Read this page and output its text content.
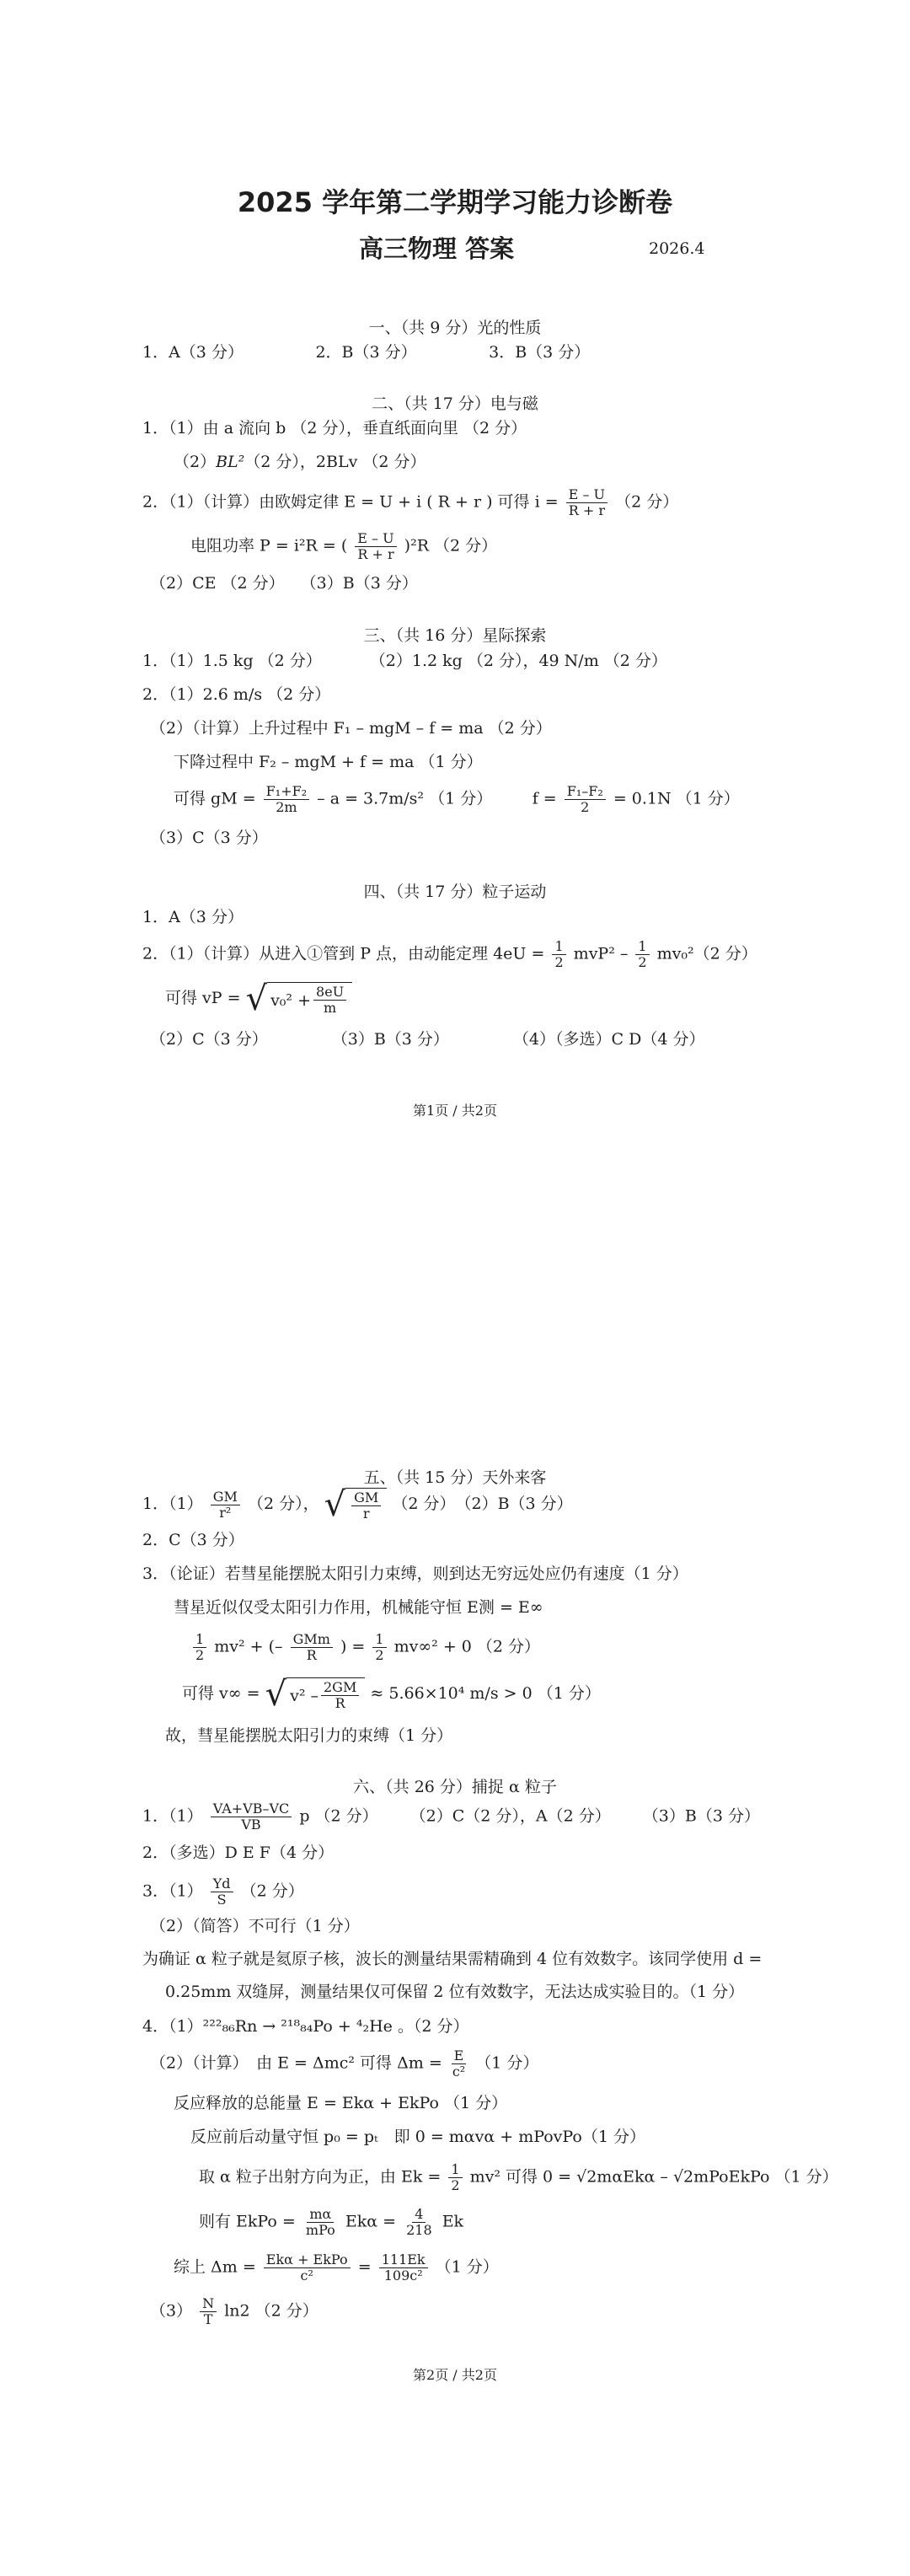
2025 学年第二学期学习能力诊断卷
高三物理 答案	2026.4
一、（共 9 分）光的性质
1．A（3 分）　　　　　2．B（3 分）　　　　　3．B（3 分）
二、（共 17 分）电与磁
1．（1）由 a 流向 b （2 分），垂直纸面向里 （2 分）
（2）BL²（2 分），2BLv （2 分）
2．（1）（计算）由欧姆定律 E = U + i ( R + r ) 可得 $i = \frac{E - U}{R + r} (2$ 分）
电阻功率 P = i²R = ( $\frac{E - U}{R + r} )^2R$ （2 分）
（2）CE （2 分）　　（3）B（3 分）
三、（共 16 分）星际探索
1．（1）1.5 kg （2 分）　　　　（2）1.2 kg （2 分），49 N/m （2 分）
2．（1）2.6 m/s （2 分）
（2）（计算）上升过程中 F₁ – mgM – f = ma （2 分）
下降过程中 F₂ – mgM + f = ma （1 分）
可得 gM = $\frac{\text{F₁+F₂}}{2m} - a = 3.7m/s^2$ （1 分）　　　$f = \frac{\text{F₁–F₂}}{2} = 0.1N$ （1 分）
（3）C（3 分）
四、（共 17 分）粒子运动
1．A（3 分）
2．（1）（计算）从进入①管到 P 点，由动能定理 $4eU = \frac{1}{2} mvP^2 - \frac{1}{2} mv_0^2(2$ 分）
可得 vP = √ $v_0^2 + \frac{8eU}{m}$
（2）C（3 分）　　　　　（3）B（3 分）　　　　　（4）（多选）C D（4 分）
第1页 / 共2页
五、（共 15 分）天外来客
1．$(1) \frac{GM}{\text{r²}} (2$ 分）， √ $\frac{GM}{r} (2$ 分）　（2）B（3 分）
2．C（3 分）
3．（论证）若彗星能摆脱太阳引力束缚，则到达无穷远处应仍有速度（1 分）
彗星近似仅受太阳引力作用，机械能守恒 E测 = E∞
$\frac{1}{2} mv^2$ + (– $\frac{\text{GMm}}{R}$ ) = $\frac{1}{2} mv\infty^2 + 0$ （2 分）
可得 v∞ = √ $v^2 - \frac{2GM}{R} \approx 5.66\times 10^4$ m/s > 0 （1 分）
故，彗星能摆脱太阳引力的束缚（1 分）
六、（共 26 分）捕捉 α 粒子
1．$(1) \frac{VA+VB-VC}{VB}$ p （2 分）　　　（2）C（2 分），A（2 分）　　　（3）B（3 分）
2．（多选）D E F（4 分）
3．$(1) \frac{Yd}{S} (2$ 分）
（2）（简答）不可行（1 分）
为确证 α 粒子就是氦原子核，波长的测量结果需精确到 4 位有效数字。该同学使用 d =
0.25mm 双缝屏，测量结果仅可保留 2 位有效数字，无法达成实验目的。（1 分）
4．（1）²²²₈₆Rn → ²¹⁸₈₄Po + ⁴₂He 。（2 分）
（2）（计算）　由 E = Δmc² 可得 $\Delta m = \frac{E}{\text{c²}} (1$ 分）
反应释放的总能量 E = Ekα + EkPo （1 分）
反应前后动量守恒 p₀ = pₜ　即 0 = mαvα + mPovPo（1 分）
取 α 粒子出射方向为正，由 $Ek = \frac{1}{2} mv^2$ 可得 0 = √2mαEkα – √2mPoEkPo （1 分）
则有 EkPo = $\frac{m\alpha}{\text{mPo}}$ $Ek\alpha = \frac{4}{218}$ Ek
综上 $\Delta m = \frac{\text{Ekα + EkPo}}{\text{c²}} = \frac{111Ek}{\text{109c²}} (1$ 分）
$(3) \frac{N}{T} \ln 2$ （2 分）
第2页 / 共2页
